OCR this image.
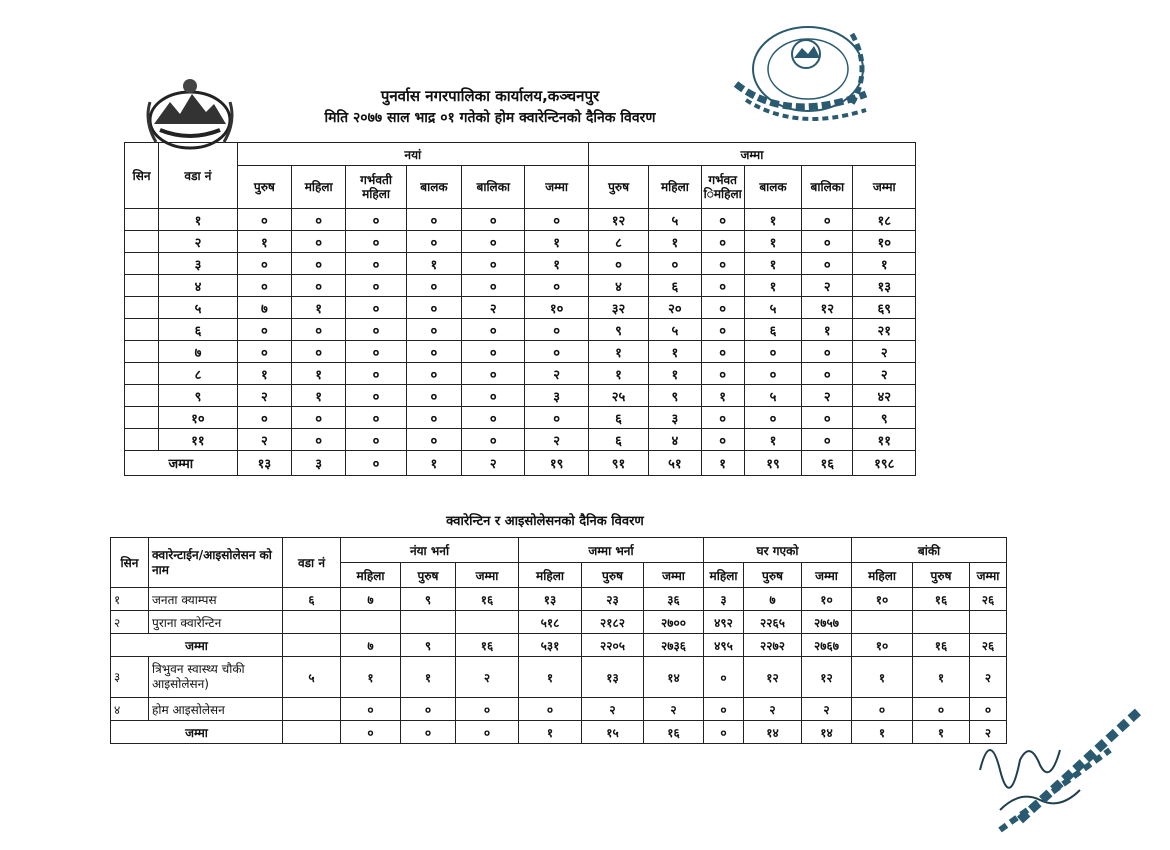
पुनर्वास नगरपालिका कार्यालय,कञ्चनपुर
मिति २०७७ साल भाद्र ०१ गतेको होम क्वारेन्टिनको दैनिक विवरण
सिन	वडा नं	नयां						जम्मा					
		पुरुष	महिला	गर्भवती महिला	बालक	बालिका	जम्मा	पुरुष	महिला	गर्भवत िमहिला	बालक	बालिका	जम्मा
	१	०	०	०	०	०	०	१२	५	०	१	०	१८
	२	१	०	०	०	०	१	८	१	०	१	०	१०
	३	०	०	०	१	०	१	०	०	०	१	०	१
	४	०	०	०	०	०	०	४	६	०	१	२	१३
	५	७	१	०	०	२	१०	३२	२०	०	५	१२	६९
	६	०	०	०	०	०	०	९	५	०	६	१	२१
	७	०	०	०	०	०	०	१	१	०	०	०	२
	८	१	१	०	०	०	२	१	१	०	०	०	२
	९	२	१	०	०	०	३	२५	९	१	५	२	४२
	१०	०	०	०	०	०	०	६	३	०	०	०	९
	११	२	०	०	०	०	२	६	४	०	१	०	११
जम्मा		१३	३	०	१	२	१९	९१	५१	१	१९	१६	१९८
क्वारेन्टिन र आइसोलेसनको दैनिक विवरण
सिन	क्वारेन्टाईन/आइसोलेसन को नाम	वडा नं	नंया भर्ना			जम्मा भर्ना			घर गएको			बांकी		
			महिला	पुरुष	जम्मा	महिला	पुरुष	जम्मा	महिला	पुरुष	जम्मा	महिला	पुरुष	जम्मा
१	जनता क्याम्पस	६	७	९	१६	१३	२३	३६	३	७	१०	१०	१६	२६
२	पुराना क्वारेन्टिन					५१८	२१८२	२७००	४९२	२२६५	२७५७			
जम्मा			७	९	१६	५३१	२२०५	२७३६	४९५	२२७२	२७६७	१०	१६	२६
३	त्रिभुवन स्वास्थ्य चौकी आइसोलेसन)	५	१	१	२	१	१३	१४	०	१२	१२	१	१	२
४	होम आइसोलेसन		०	०	०	०	२	२	०	२	२	०	०	०
जम्मा			०	०	०	१	१५	१६	०	१४	१४	१	१	२
